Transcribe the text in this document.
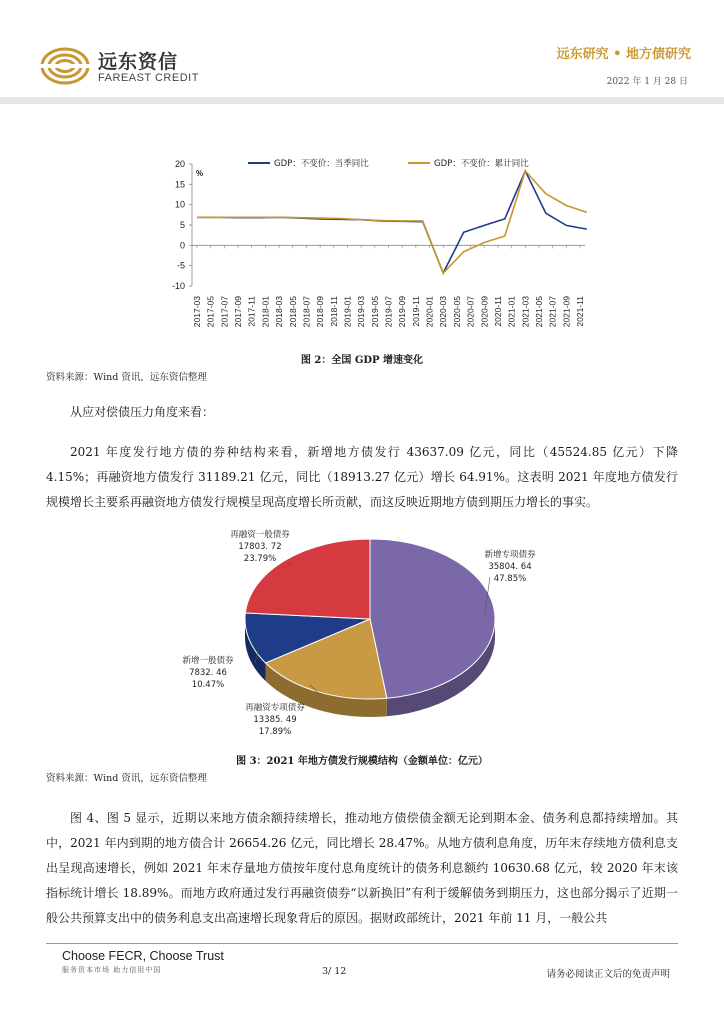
远东资信
FAREAST CREDIT
远东研究 • 地方债研究
2022 年 1 月 28 日
-10
-5
0
5
10
15
20
%
2017-03 2017-05 2017-07 2017-09 2017-11 2018-01 2018-03 2018-05 2018-07 2018-09 2018-11 2019-01 2019-03 2019-05 2019-07 2019-09 2019-11 2020-01 2020-03 2020-05 2020-07 2020-09 2020-11 2021-01 2021-03 2021-05 2021-07 2021-09 2021-11
GDP：不变价：当季同比	GDP：不变价：累计同比
图 2：全国 GDP 增速变化
资料来源：Wind 资讯，远东资信整理
从应对偿债压力角度来看：
2021 年度发行地方债的券种结构来看，新增地方债发行 43637.09 亿元，同比（45524.85 亿元）下降 4.15%；再融资地方债发行 31189.21 亿元，同比（18913.27 亿元）增长 64.91%。这表明 2021 年度地方债发行规模增长主要系再融资地方债发行规模呈现高度增长所贡献，而这反映近期地方债到期压力增长的事实。
新增专项债券
35804. 64
47.85%
再融资专项债券
13385. 49
17.89%
新增一般债券
7832. 46
10.47%
再融资一般债券
17803. 72
23.79%
图 3：2021 年地方债发行规模结构（金额单位：亿元）
资料来源：Wind 资讯，远东资信整理
图 4、图 5 显示，近期以来地方债余额持续增长，推动地方债偿债金额无论到期本金、债务利息都持续增加。其中，2021 年内到期的地方债合计 26654.26 亿元，同比增长 28.47%。从地方债利息角度，历年末存续地方债利息支出呈现高速增长，例如 2021 年末存量地方债按年度付息角度统计的债务利息额约 10630.68 亿元，较 2020 年末该指标统计增长 18.89%。而地方政府通过发行再融资债券“以新换旧”有利于缓解债务到期压力，这也部分揭示了近期一般公共预算支出中的债务利息支出高速增长现象背后的原因。据财政部统计，2021 年前 11 月，一般公共
Choose FECR, Choose Trust
服务资本市场 助力信用中国	3/ 12	请务必阅读正文后的免责声明
